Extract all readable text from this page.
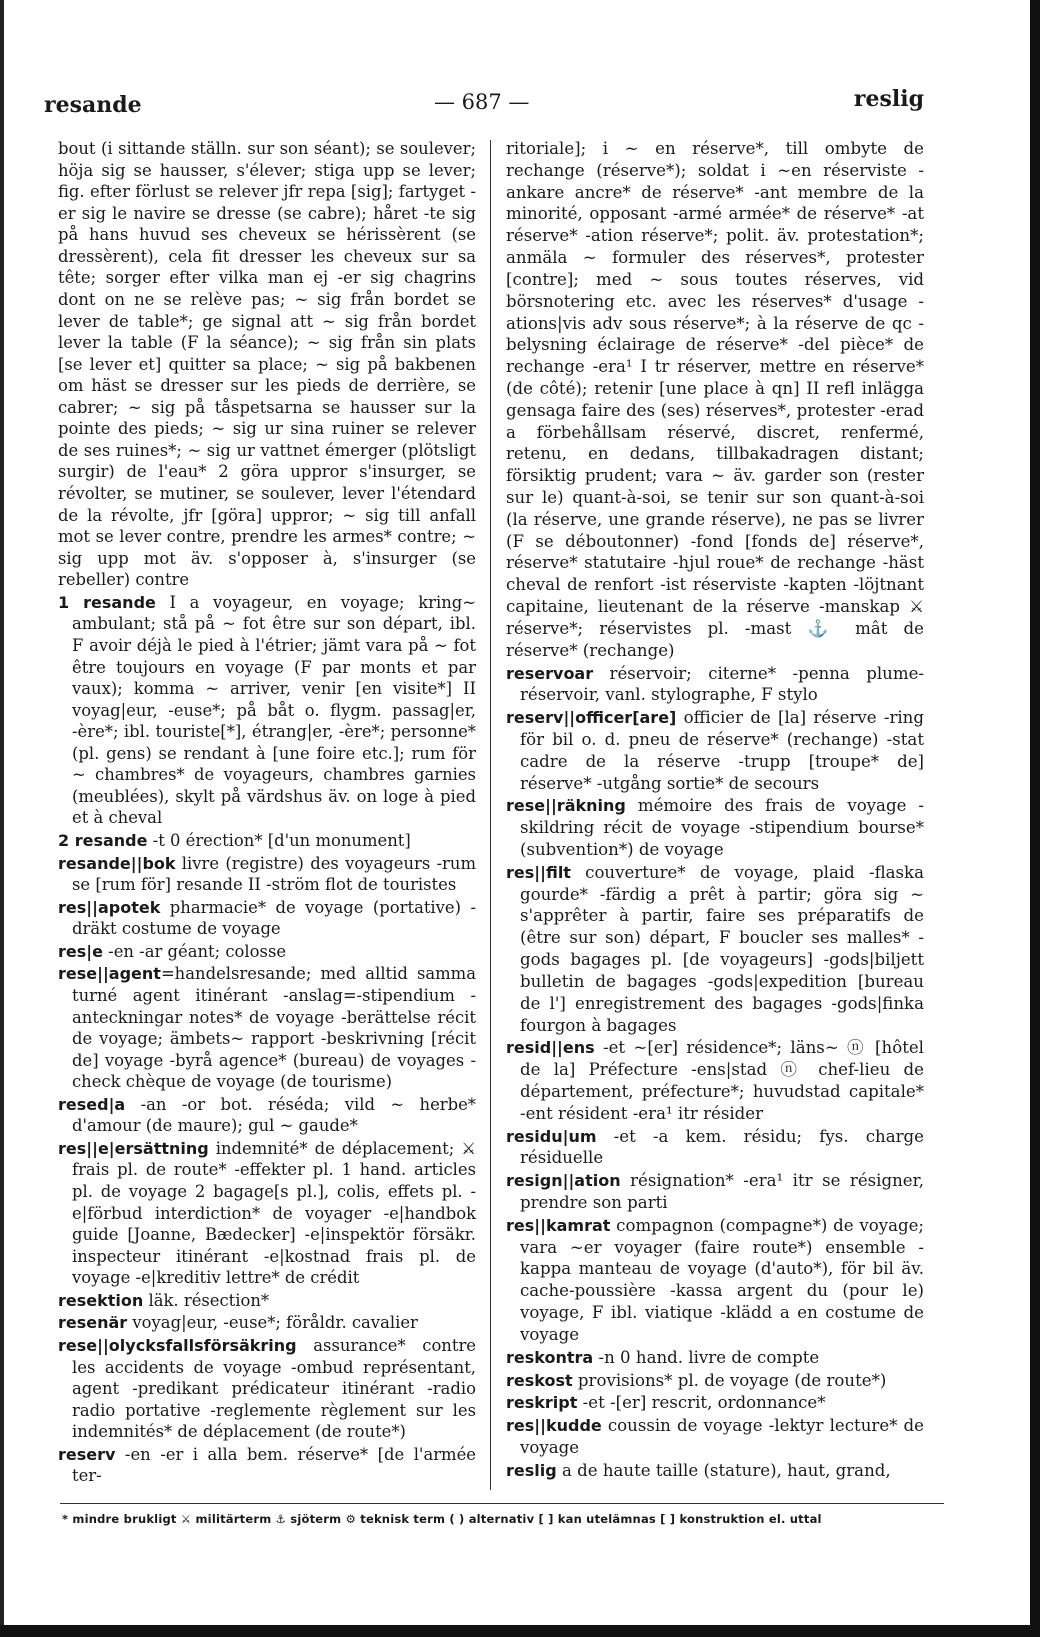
resande	— 687 —	reslig

bout (i sittande ställn. sur son séant); se soulever; höja sig se hausser, s'élever; stiga upp se lever; fig. efter förlust se relever jfr repa [sig]; fartyget -er sig le navire se dresse (se cabre); håret -te sig på hans huvud ses cheveux se hérissèrent (se dressèrent), cela fit dresser les cheveux sur sa tête; sorger efter vilka man ej -er sig chagrins dont on ne se relève pas; ~ sig från bordet se lever de table*; ge signal att ~ sig från bordet lever la table (F la séance); ~ sig från sin plats [se lever et] quitter sa place; ~ sig på bakbenen om häst se dresser sur les pieds de derrière, se cabrer; ~ sig på tåspetsarna se hausser sur la pointe des pieds; ~ sig ur sina ruiner se relever de ses ruines*; ~ sig ur vattnet émerger (plötsligt surgir) de l'eau* 2 göra uppror s'insurger, se révolter, se mutiner, se soulever, lever l'étendard de la révolte, jfr [göra] uppror; ~ sig till anfall mot se lever contre, prendre les armes* contre; ~ sig upp mot äv. s'opposer à, s'insurger (se rebeller) contre

1 resande I a voyageur, en voyage; kring~ ambulant; stå på ~ fot être sur son départ, ibl. F avoir déjà le pied à l'étrier; jämt vara på ~ fot être toujours en voyage (F par monts et par vaux); komma ~ arriver, venir [en visite*] II voyag|eur, -euse*; på båt o. flygm. passag|er, -ère*; ibl. touriste[*], étrang|er, -ère*; personne* (pl. gens) se rendant à [une foire etc.]; rum för ~ chambres* de voyageurs, chambres garnies (meublées), skylt på värdshus äv. on loge à pied et à cheval

2 resande -t 0 érection* [d'un monument]

resande||bok livre (registre) des voyageurs -rum se [rum för] resande II -ström flot de touristes

res||apotek pharmacie* de voyage (portative) -dräkt costume de voyage

res|e -en -ar géant; colosse

rese||agent=handelsresande; med alltid samma turné agent itinérant -anslag=-stipendium -anteckningar notes* de voyage -berättelse récit de voyage; ämbets~ rapport -beskrivning [récit de] voyage -byrå agence* (bureau) de voyages -check chèque de voyage (de tourisme)

resed|a -an -or bot. réséda; vild ~ herbe* d'amour (de maure); gul ~ gaude*

res||e|ersättning indemnité* de déplacement; ⚔ frais pl. de route* -effekter pl. 1 hand. articles pl. de voyage 2 bagage[s pl.], colis, effets pl. -e|förbud interdiction* de voyager -e|handbok guide [Joanne, Bædecker] -e|inspektör försäkr. inspecteur itinérant -e|kostnad frais pl. de voyage -e|kreditiv lettre* de crédit

resektion läk. résection*

resenär voyag|eur, -euse*; föråldr. cavalier

rese||olycksfallsförsäkring assurance* contre les accidents de voyage -ombud représentant, agent -predikant prédicateur itinérant -radio radio portative -reglemente règlement sur les indemnités* de déplacement (de route*)

reserv -en -er i alla bem. réserve* [de l'armée ter-

ritoriale]; i ~ en réserve*, till ombyte de rechange (réserve*); soldat i ~en réserviste -ankare ancre* de réserve* -ant membre de la minorité, opposant -armé armée* de réserve* -at réserve* -ation réserve*; polit. äv. protestation*; anmäla ~ formuler des réserves*, protester [contre]; med ~ sous toutes réserves, vid börsnotering etc. avec les réserves* d'usage -ations|vis adv sous réserve*; à la réserve de qc -belysning éclairage de réserve* -del pièce* de rechange -era¹ I tr réserver, mettre en réserve* (de côté); retenir [une place à qn] II refl inlägga gensaga faire des (ses) réserves*, protester -erad a förbehållsam réservé, discret, renfermé, retenu, en dedans, tillbakadragen distant; försiktig prudent; vara ~ äv. garder son (rester sur le) quant-à-soi, se tenir sur son quant-à-soi (la réserve, une grande réserve), ne pas se livrer (F se déboutonner) -fond [fonds de] réserve*, réserve* statutaire -hjul roue* de rechange -häst cheval de renfort -ist réserviste -kapten -löjtnant capitaine, lieutenant de la réserve -manskap ⚔ réserve*; réservistes pl. -mast ⚓ mât de réserve* (rechange)

reservoar réservoir; citerne* -penna plume-réservoir, vanl. stylographe, F stylo

reserv||officer[are] officier de [la] réserve -ring för bil o. d. pneu de réserve* (rechange) -stat cadre de la réserve -trupp [troupe* de] réserve* -utgång sortie* de secours

rese||räkning mémoire des frais de voyage -skildring récit de voyage -stipendium bourse* (subvention*) de voyage

res||filt couverture* de voyage, plaid -flaska gourde* -färdig a prêt à partir; göra sig ~ s'apprêter à partir, faire ses préparatifs de (être sur son) départ, F boucler ses malles* -gods bagages pl. [de voyageurs] -gods|biljett bulletin de bagages -gods|expedition [bureau de l'] enregistrement des bagages -gods|finka fourgon à bagages

resid||ens -et ~[er] résidence*; läns~ ⓝ [hôtel de la] Préfecture -ens|stad ⓝ chef-lieu de département, préfecture*; huvudstad capitale* -ent résident -era¹ itr résider

residu|um -et -a kem. résidu; fys. charge résiduelle

resign||ation résignation* -era¹ itr se résigner, prendre son parti

res||kamrat compagnon (compagne*) de voyage; vara ~er voyager (faire route*) ensemble -kappa manteau de voyage (d'auto*), för bil äv. cache-poussière -kassa argent du (pour le) voyage, F ibl. viatique -klädd a en costume de voyage

reskontra -n 0 hand. livre de compte

reskost provisions* pl. de voyage (de route*)

reskript -et -[er] rescrit, ordonnance*

res||kudde coussin de voyage -lektyr lecture* de voyage

reslig a de haute taille (stature), haut, grand,

* mindre brukligt ⚔ militärterm ⚓ sjöterm ⚙ teknisk term ( ) alternativ [ ] kan utelämnas [ ] konstruktion el. uttal
